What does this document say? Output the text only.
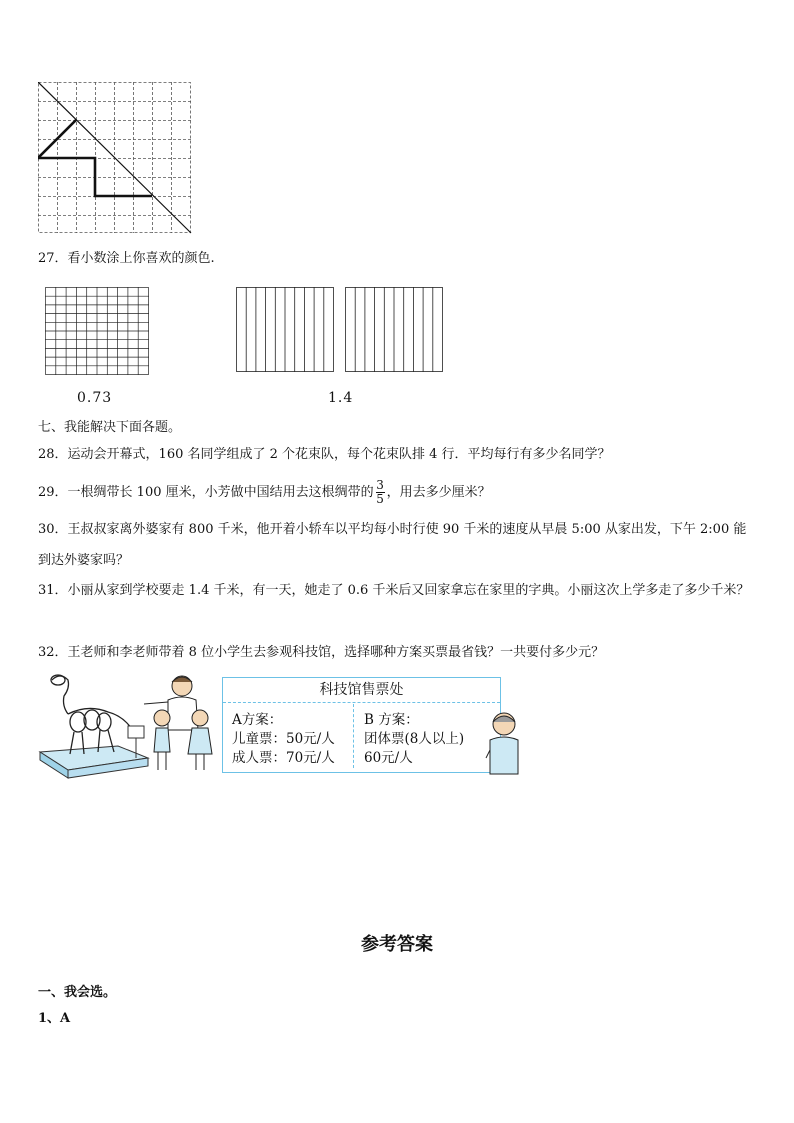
27．看小数涂上你喜欢的颜色.
0.73	1.4
七、我能解决下面各题。
28．运动会开幕式，160 名同学组成了 2 个花束队，每个花束队排 4 行．平均每行有多少名同学？
29．一根绸带长 100 厘米，小芳做中国结用去这根绸带的 $\frac{3}{5}$ ，用去多少厘米？
30．王叔叔家离外婆家有 800 千米，他开着小轿车以平均每小时行使 90 千米的速度从早晨 5:00 从家出发，下午 2:00 能到达外婆家吗？
31．小丽从家到学校要走 1.4 千米，有一天，她走了 0.6 千米后又回家拿忘在家里的字典。小丽这次上学多走了多少千米？
32．王老师和李老师带着 8 位小学生去参观科技馆，选择哪种方案买票最省钱？一共要付多少元？
科技馆售票处
A方案：
儿童票：50元/人
成人票：70元/人
B 方案：
团体票(8人以上)
60元/人
参考答案
一、我会选。
1、A
